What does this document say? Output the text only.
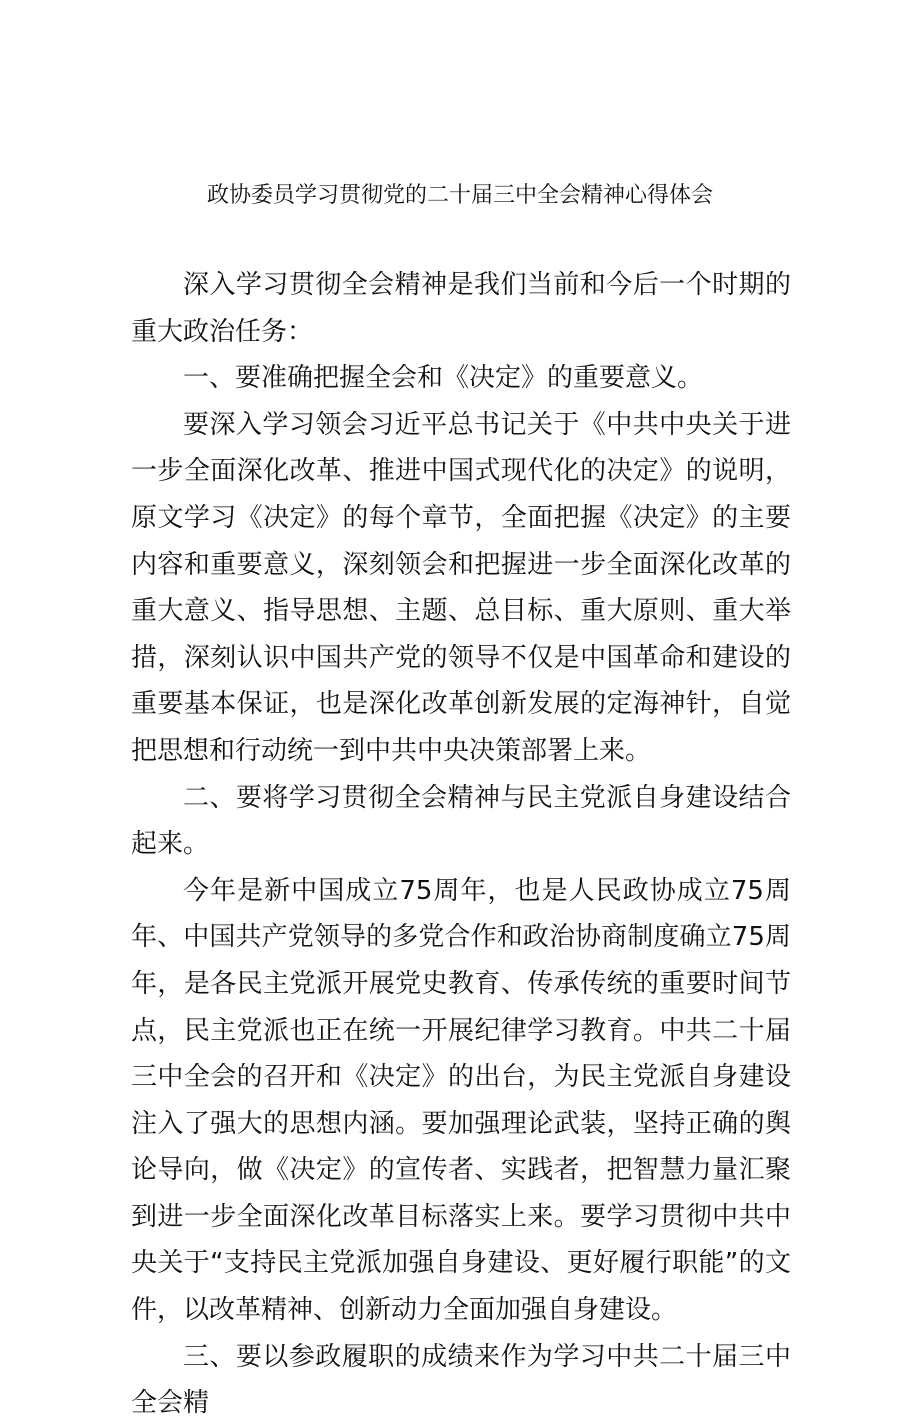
政协委员学习贯彻党的二十届三中全会精神心得体会

深入学习贯彻全会精神是我们当前和今后一个时期的重大政治任务：

一、要准确把握全会和《决定》的重要意义。

要深入学习领会习近平总书记关于《中共中央关于进一步全面深化改革、推进中国式现代化的决定》的说明，原文学习《决定》的每个章节，全面把握《决定》的主要内容和重要意义，深刻领会和把握进一步全面深化改革的重大意义、指导思想、主题、总目标、重大原则、重大举措，深刻认识中国共产党的领导不仅是中国革命和建设的重要基本保证，也是深化改革创新发展的定海神针，自觉把思想和行动统一到中共中央决策部署上来。

二、要将学习贯彻全会精神与民主党派自身建设结合起来。

今年是新中国成立75周年，也是人民政协成立75周年、中国共产党领导的多党合作和政治协商制度确立75周年，是各民主党派开展党史教育、传承传统的重要时间节点，民主党派也正在统一开展纪律学习教育。中共二十届三中全会的召开和《决定》的出台，为民主党派自身建设注入了强大的思想内涵。要加强理论武装，坚持正确的舆论导向，做《决定》的宣传者、实践者，把智慧力量汇聚到进一步全面深化改革目标落实上来。要学习贯彻中共中央关于“支持民主党派加强自身建设、更好履行职能”的文件，以改革精神、创新动力全面加强自身建设。

三、要以参政履职的成绩来作为学习中共二十届三中全会精
